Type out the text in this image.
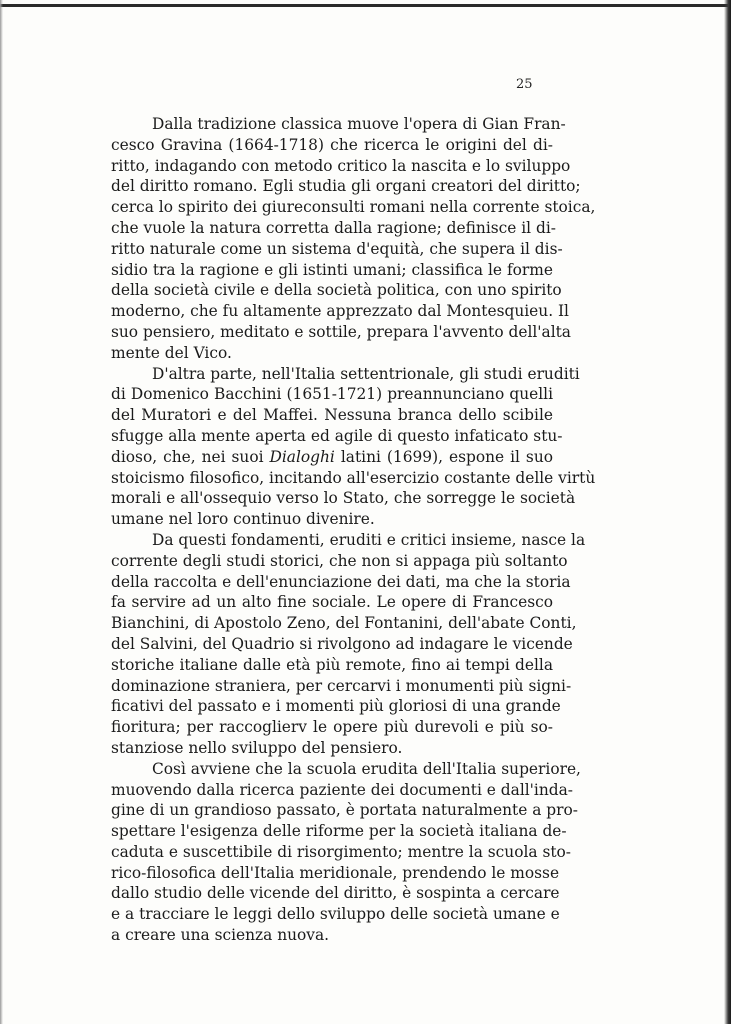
25
Dalla tradizione classica muove l'opera di Gian Fran-
cesco Gravina (1664-1718) che ricerca le origini del di-
ritto, indagando con metodo critico la nascita e lo sviluppo
del diritto romano. Egli studia gli organi creatori del diritto;
cerca lo spirito dei giureconsulti romani nella corrente stoica,
che vuole la natura corretta dalla ragione; definisce il di-
ritto naturale come un sistema d'equità, che supera il dis-
sidio tra la ragione e gli istinti umani; classifica le forme
della società civile e della società politica, con uno spirito
moderno, che fu altamente apprezzato dal Montesquieu. Il
suo pensiero, meditato e sottile, prepara l'avvento dell'alta
mente del Vico.
D'altra parte, nell'Italia settentrionale, gli studi eruditi
di Domenico Bacchini (1651-1721) preannunciano quelli
del Muratori e del Maffei. Nessuna branca dello scibile
sfugge alla mente aperta ed agile di questo infaticato stu-
dioso, che, nei suoi Dialoghi latini (1699), espone il suo
stoicismo filosofico, incitando all'esercizio costante delle virtù
morali e all'ossequio verso lo Stato, che sorregge le società
umane nel loro continuo divenire.
Da questi fondamenti, eruditi e critici insieme, nasce la
corrente degli studi storici, che non si appaga più soltanto
della raccolta e dell'enunciazione dei dati, ma che la storia
fa servire ad un alto fine sociale. Le opere di Francesco
Bianchini, di Apostolo Zeno, del Fontanini, dell'abate Conti,
del Salvini, del Quadrio si rivolgono ad indagare le vicende
storiche italiane dalle età più remote, fino ai tempi della
dominazione straniera, per cercarvi i monumenti più signi-
ficativi del passato e i momenti più gloriosi di una grande
fioritura; per raccoglierv le opere più durevoli e più so-
stanziose nello sviluppo del pensiero.
Così avviene che la scuola erudita dell'Italia superiore,
muovendo dalla ricerca paziente dei documenti e dall'inda-
gine di un grandioso passato, è portata naturalmente a pro-
spettare l'esigenza delle riforme per la società italiana de-
caduta e suscettibile di risorgimento; mentre la scuola sto-
rico-filosofica dell'Italia meridionale, prendendo le mosse
dallo studio delle vicende del diritto, è sospinta a cercare
e a tracciare le leggi dello sviluppo delle società umane e
a creare una scienza nuova.
